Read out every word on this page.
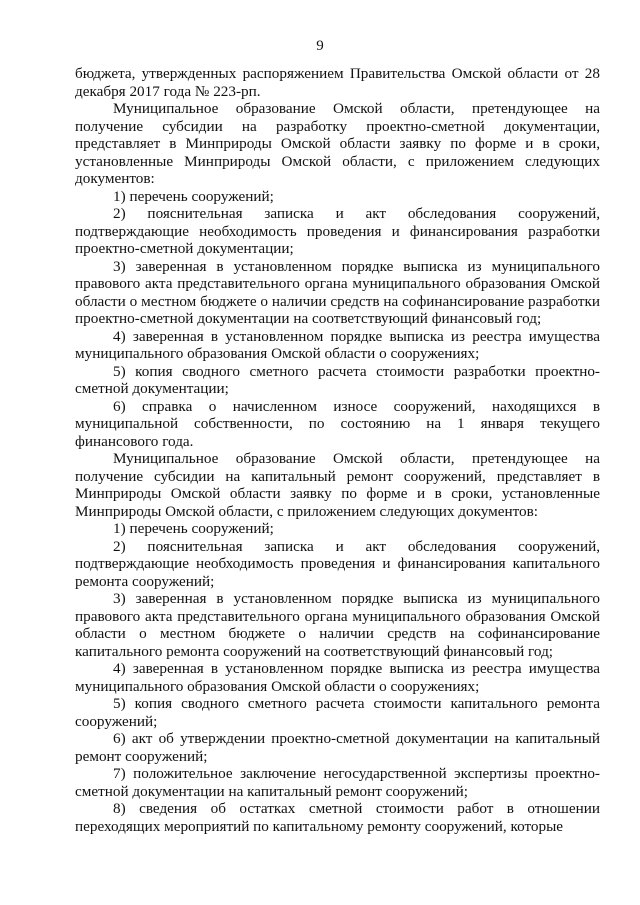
9

бюджета, утвержденных распоряжением Правительства Омской области от 28 декабря 2017 года № 223-рп.

Муниципальное образование Омской области, претендующее на получение субсидии на разработку проектно-сметной документации, представляет в Минприроды Омской области заявку по форме и в сроки, установленные Минприроды Омской области, с приложением следующих документов:

1) перечень сооружений;

2) пояснительная записка и акт обследования сооружений, подтверждающие необходимость проведения и финансирования разработки проектно-сметной документации;

3) заверенная в установленном порядке выписка из муниципального правового акта представительного органа муниципального образования Омской области о местном бюджете о наличии средств на софинансирование разработки проектно-сметной документации на соответствующий финансовый год;

4) заверенная в установленном порядке выписка из реестра имущества муниципального образования Омской области о сооружениях;

5) копия сводного сметного расчета стоимости разработки проектно-сметной документации;

6) справка о начисленном износе сооружений, находящихся в муниципальной собственности, по состоянию на 1 января текущего финансового года.

Муниципальное образование Омской области, претендующее на получение субсидии на капитальный ремонт сооружений, представляет в Минприроды Омской области заявку по форме и в сроки, установленные Минприроды Омской области, с приложением следующих документов:

1) перечень сооружений;

2) пояснительная записка и акт обследования сооружений, подтверждающие необходимость проведения и финансирования капитального ремонта сооружений;

3) заверенная в установленном порядке выписка из муниципального правового акта представительного органа муниципального образования Омской области о местном бюджете о наличии средств на софинансирование капитального ремонта сооружений на соответствующий финансовый год;

4) заверенная в установленном порядке выписка из реестра имущества муниципального образования Омской области о сооружениях;

5) копия сводного сметного расчета стоимости капитального ремонта сооружений;

6) акт об утверждении проектно-сметной документации на капитальный ремонт сооружений;

7) положительное заключение негосударственной экспертизы проектно-сметной документации на капитальный ремонт сооружений;

8) сведения об остатках сметной стоимости работ в отношении переходящих мероприятий по капитальному ремонту сооружений, которые
